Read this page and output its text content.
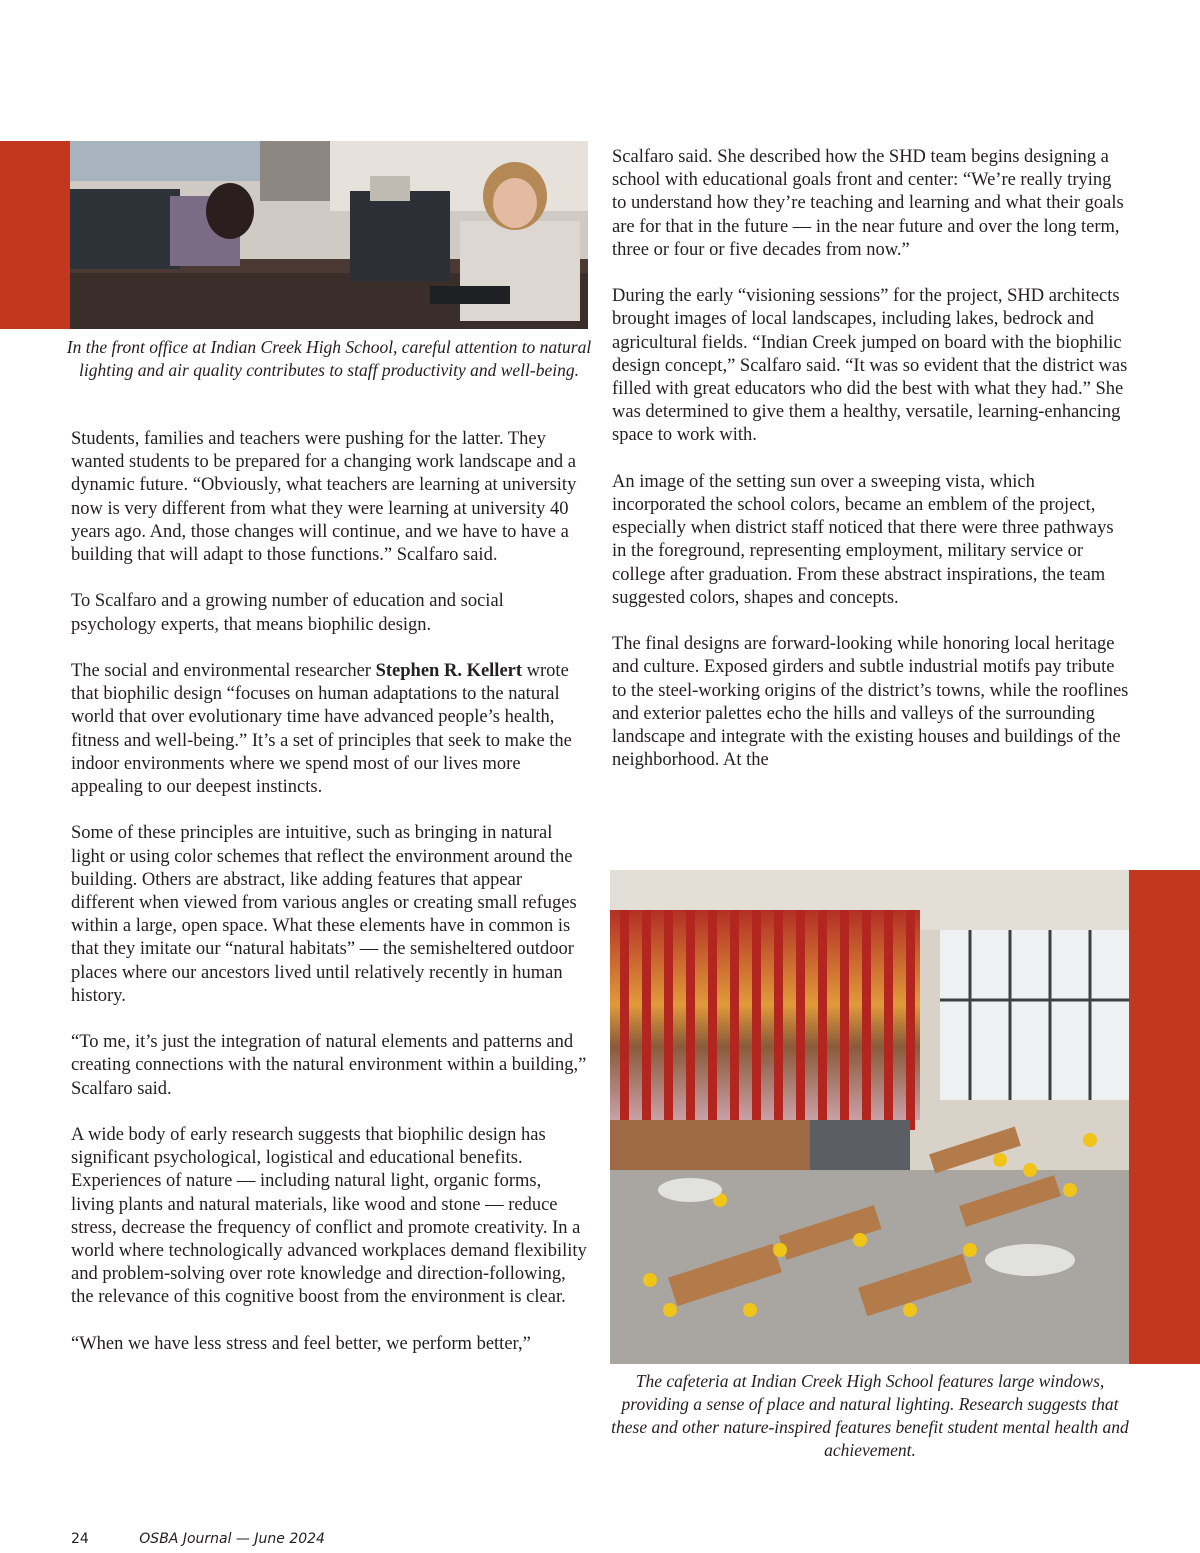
In the front office at Indian Creek High School, careful attention to natural lighting and air quality contributes to staff productivity and well-being.
The cafeteria at Indian Creek High School features large windows, providing a sense of place and natural lighting. Research suggests that these and other nature-inspired features benefit student mental health and achievement.

Students, families and teachers were pushing for the latter. They wanted students to be prepared for a changing work landscape and a dynamic future. “Obviously, what teachers are learning at university now is very different from what they were learning at university 40 years ago. And, those changes will continue, and we have to have a building that will adapt to those functions.” Scalfaro said.

To Scalfaro and a growing number of education and social psychology experts, that means biophilic design.

The social and environmental researcher Stephen R. Kellert wrote that biophilic design “focuses on human adaptations to the natural world that over evolutionary time have advanced people’s health, fitness and well-being.” It’s a set of principles that seek to make the indoor environments where we spend most of our lives more appealing to our deepest instincts.

Some of these principles are intuitive, such as bringing in natural light or using color schemes that reflect the environment around the building. Others are abstract, like adding features that appear different when viewed from various angles or creating small refuges within a large, open space. What these elements have in common is that they imitate our “natural habitats” — the semisheltered outdoor places where our ancestors lived until relatively recently in human history.

“To me, it’s just the integration of natural elements and patterns and creating connections with the natural environment within a building,” Scalfaro said.

A wide body of early research suggests that biophilic design has significant psychological, logistical and educational benefits. Experiences of nature — including natural light, organic forms, living plants and natural materials, like wood and stone — reduce stress, decrease the frequency of conflict and promote creativity. In a world where technologically advanced workplaces demand flexibility and problem-solving over rote knowledge and direction-following, the relevance of this cognitive boost from the environment is clear.

“When we have less stress and feel better, we perform better,”

Scalfaro said. She described how the SHD team begins designing a school with educational goals front and center: “We’re really trying to understand how they’re teaching and learning and what their goals are for that in the future — in the near future and over the long term, three or four or five decades from now.”

During the early “visioning sessions” for the project, SHD architects brought images of local landscapes, including lakes, bedrock and agricultural fields. “Indian Creek jumped on board with the biophilic design concept,” Scalfaro said. “It was so evident that the district was filled with great educators who did the best with what they had.” She was determined to give them a healthy, versatile, learning-enhancing space to work with.

An image of the setting sun over a sweeping vista, which incorporated the school colors, became an emblem of the project, especially when district staff noticed that there were three pathways in the foreground, representing employment, military service or college after graduation. From these abstract inspirations, the team suggested colors, shapes and concepts.

The final designs are forward-looking while honoring local heritage and culture. Exposed girders and subtle industrial motifs pay tribute to the steel-working origins of the district’s towns, while the rooflines and exterior palettes echo the hills and valleys of the surrounding landscape and integrate with the existing houses and buildings of the neighborhood. At the

24	OSBA Journal — June 2024
